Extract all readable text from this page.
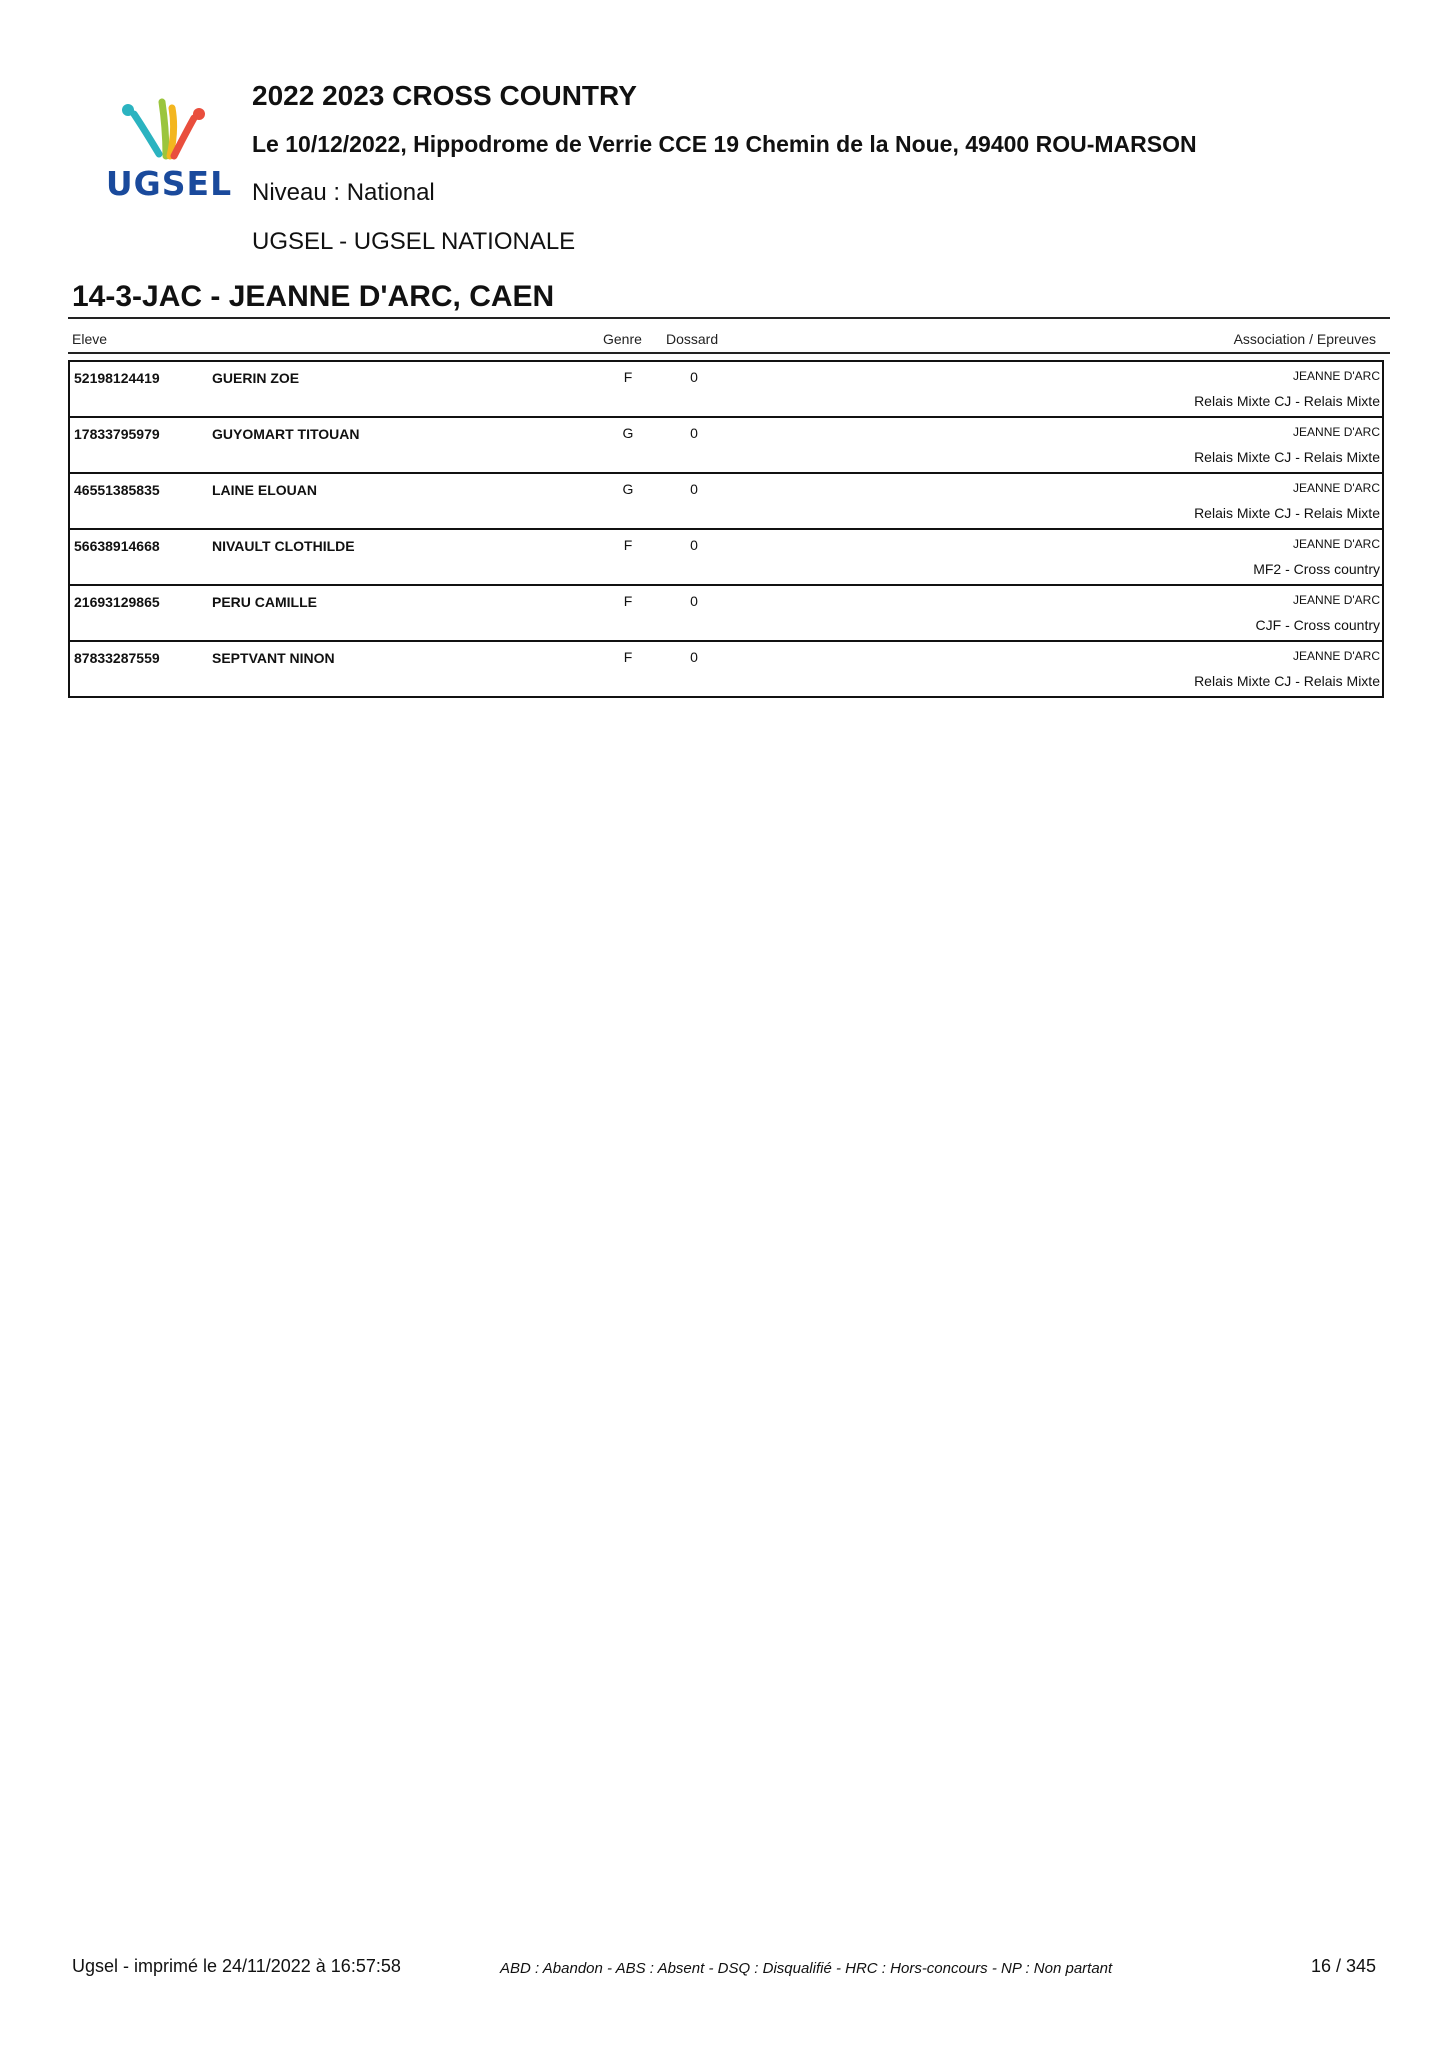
UGSEL
2022 2023 CROSS COUNTRY
Le 10/12/2022, Hippodrome de Verrie CCE 19 Chemin de la Noue, 49400 ROU-MARSON
Niveau : National
UGSEL - UGSEL NATIONALE
14-3-JAC - JEANNE D'ARC, CAEN
Eleve	Genre Dossard	Association / Epreuves
52198124419	GUERIN ZOE	F	0	JEANNE D'ARC
Relais Mixte CJ - Relais Mixte
17833795979	GUYOMART TITOUAN	G	0	JEANNE D'ARC
Relais Mixte CJ - Relais Mixte
46551385835	LAINE ELOUAN	G	0	JEANNE D'ARC
Relais Mixte CJ - Relais Mixte
56638914668	NIVAULT CLOTHILDE	F	0	JEANNE D'ARC
MF2 - Cross country
21693129865	PERU CAMILLE	F	0	JEANNE D'ARC
CJF - Cross country
87833287559	SEPTVANT NINON	F	0	JEANNE D'ARC
Relais Mixte CJ - Relais Mixte
Ugsel - imprimé le 24/11/2022 à 16:57:58	ABD : Abandon - ABS : Absent - DSQ : Disqualifié - HRC : Hors-concours - NP : Non partant	16 / 345
